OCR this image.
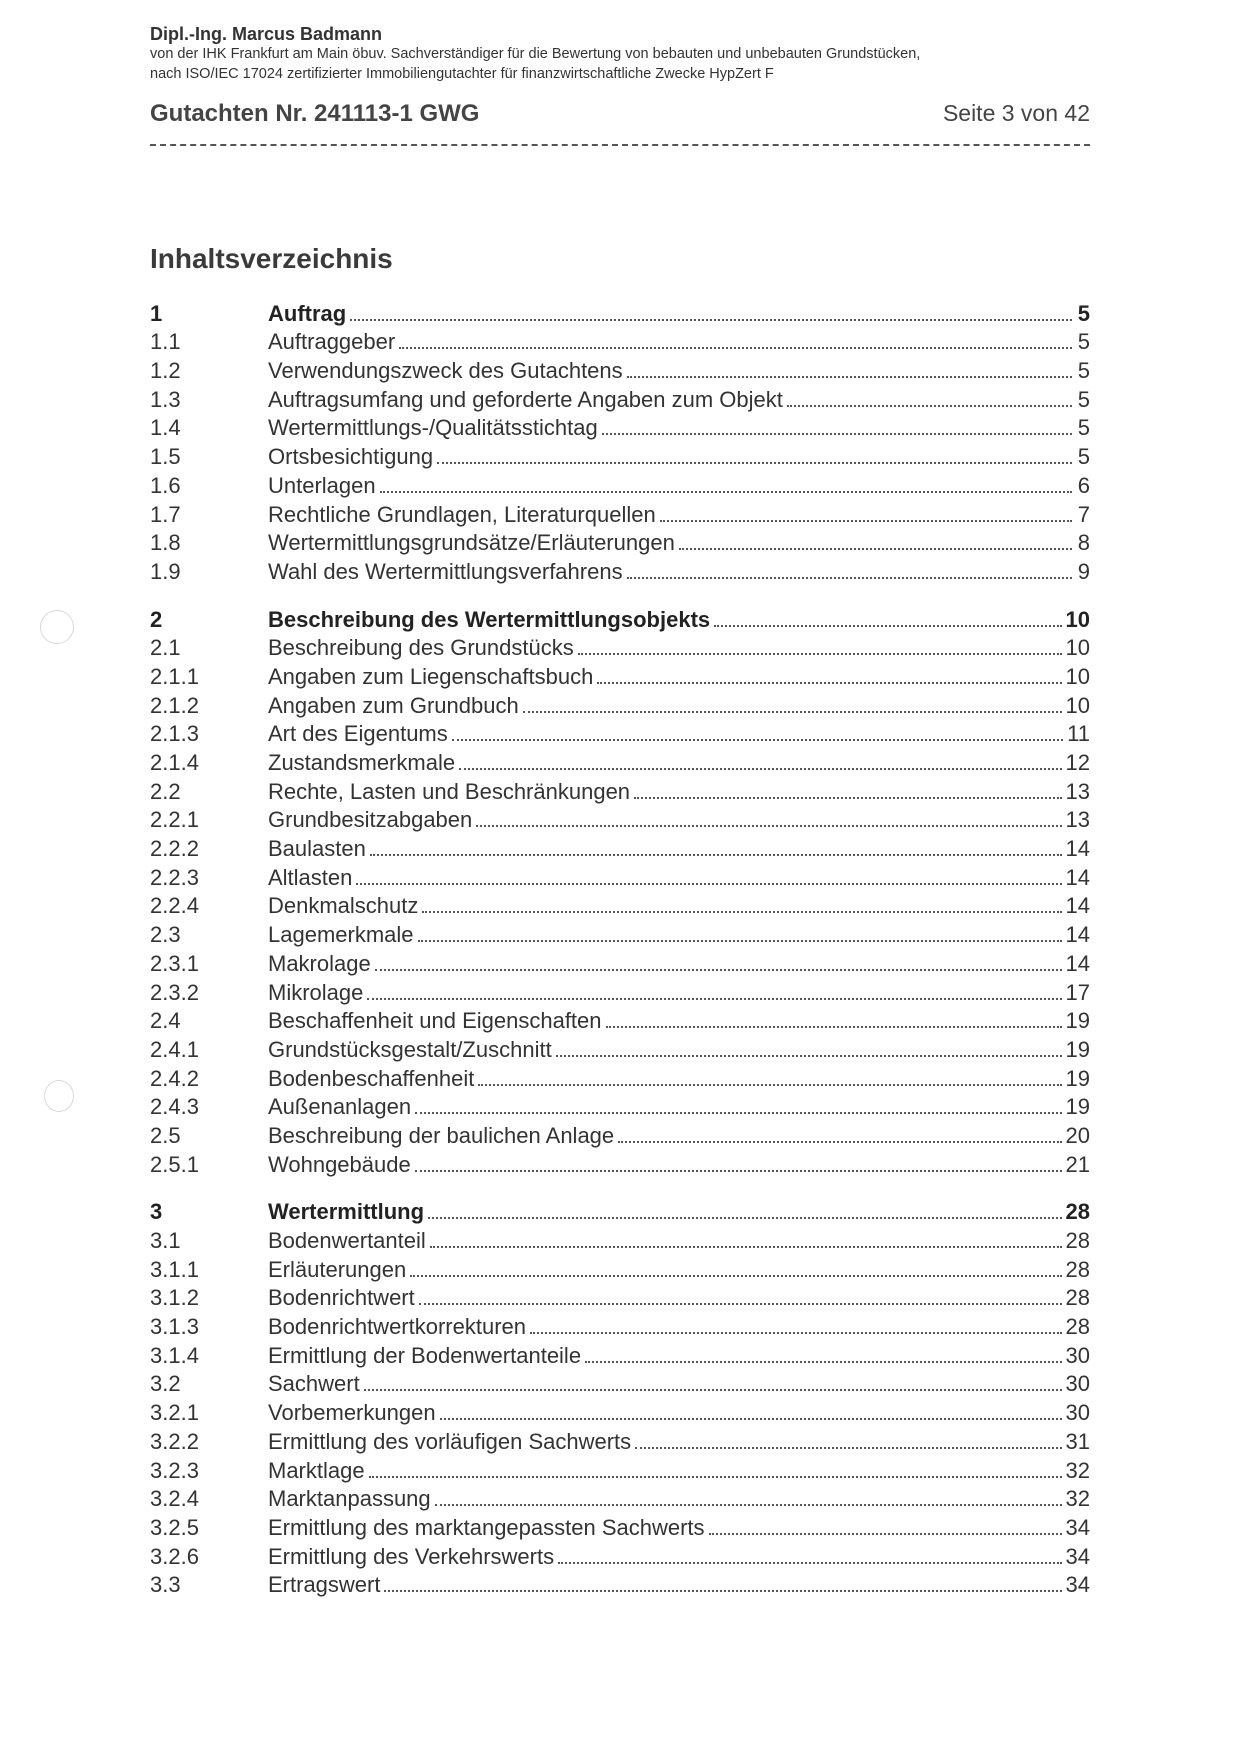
Dipl.-Ing. Marcus Badmann
von der IHK Frankfurt am Main öbuv. Sachverständiger für die Bewertung von bebauten und unbebauten Grundstücken,
nach ISO/IEC 17024 zertifizierter Immobiliengutachter für finanzwirtschaftliche Zwecke HypZert F
Gutachten Nr. 241113-1 GWG	Seite 3 von 42
Inhaltsverzeichnis
1	Auftrag	5
1.1	Auftraggeber	5
1.2	Verwendungszweck des Gutachtens	5
1.3	Auftragsumfang und geforderte Angaben zum Objekt	5
1.4	Wertermittlungs-/Qualitätsstichtag	5
1.5	Ortsbesichtigung	5
1.6	Unterlagen	6
1.7	Rechtliche Grundlagen, Literaturquellen	7
1.8	Wertermittlungsgrundsätze/Erläuterungen	8
1.9	Wahl des Wertermittlungsverfahrens	9
2	Beschreibung des Wertermittlungsobjekts	10
2.1	Beschreibung des Grundstücks	10
2.1.1	Angaben zum Liegenschaftsbuch	10
2.1.2	Angaben zum Grundbuch	10
2.1.3	Art des Eigentums	11
2.1.4	Zustandsmerkmale	12
2.2	Rechte, Lasten und Beschränkungen	13
2.2.1	Grundbesitzabgaben	13
2.2.2	Baulasten	14
2.2.3	Altlasten	14
2.2.4	Denkmalschutz	14
2.3	Lagemerkmale	14
2.3.1	Makrolage	14
2.3.2	Mikrolage	17
2.4	Beschaffenheit und Eigenschaften	19
2.4.1	Grundstücksgestalt/Zuschnitt	19
2.4.2	Bodenbeschaffenheit	19
2.4.3	Außenanlagen	19
2.5	Beschreibung der baulichen Anlage	20
2.5.1	Wohngebäude	21
3	Wertermittlung	28
3.1	Bodenwertanteil	28
3.1.1	Erläuterungen	28
3.1.2	Bodenrichtwert	28
3.1.3	Bodenrichtwertkorrekturen	28
3.1.4	Ermittlung der Bodenwertanteile	30
3.2	Sachwert	30
3.2.1	Vorbemerkungen	30
3.2.2	Ermittlung des vorläufigen Sachwerts	31
3.2.3	Marktlage	32
3.2.4	Marktanpassung	32
3.2.5	Ermittlung des marktangepassten Sachwerts	34
3.2.6	Ermittlung des Verkehrswerts	34
3.3	Ertragswert	34
